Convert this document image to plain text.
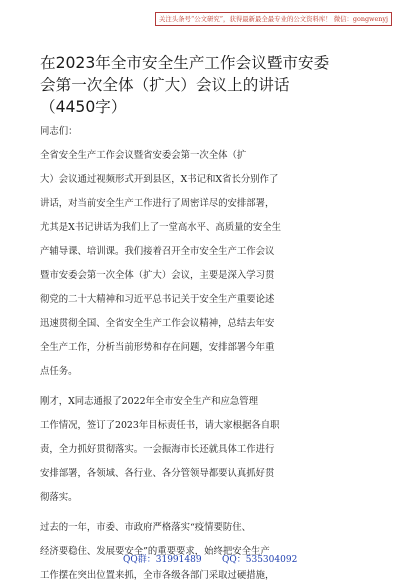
关注头条号“公文研究”，获得最新最全最专业的公文资料库！ 微信：gongwenyj
在2023年全市安全生产工作会议暨市安委
会第一次全体（扩大）会议上的讲话
（4450字）
同志们：
全省安全生产工作会议暨省安委会第一次全体（扩
大）会议通过视频形式开到县区，X书记和X省长分别作了
讲话，对当前安全生产工作进行了周密详尽的安排部署，
尤其是X书记讲话为我们上了一堂高水平、高质量的安全生
产辅导课、培训课。我们接着召开全市安全生产工作会议
暨市安委会第一次全体（扩大）会议，主要是深入学习贯
彻党的二十大精神和习近平总书记关于安全生产重要论述
迅速贯彻全国、全省安全生产工作会议精神，总结去年安
全生产工作，分析当前形势和存在问题，安排部署今年重
点任务。
刚才，X同志通报了2022年全市安全生产和应急管理
工作情况，签订了2023年目标责任书，请大家根据各自职
责，全力抓好贯彻落实。一会振海市长还就具体工作进行
安排部署，各领域、各行业、各分管领导都要认真抓好贯
彻落实。
过去的一年，市委、市政府严格落实“疫情要防住、
经济要稳住、发展要安全”的重要要求，始终把安全生产
工作摆在突出位置来抓，全市各级各部门采取过硬措施，
QQ群：31991489 QQ：535304092
